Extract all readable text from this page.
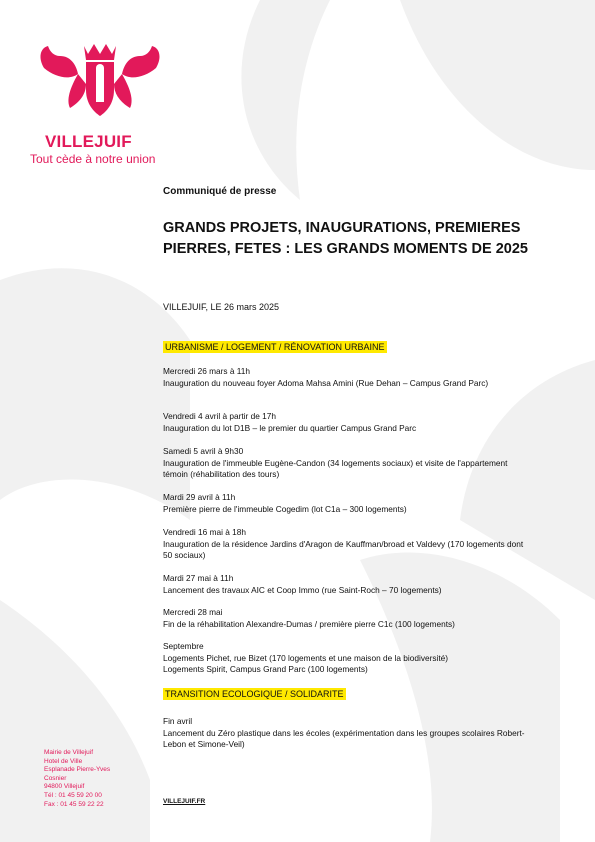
VILLEJUIF
Tout cède à notre union
Communiqué de presse
GRANDS PROJETS, INAUGURATIONS, PREMIERES PIERRES, FETES : LES GRANDS MOMENTS DE 2025
VILLEJUIF, LE 26 mars 2025
URBANISME / LOGEMENT / RÉNOVATION URBAINE
Mercredi 26 mars à 11h
Inauguration du nouveau foyer Adoma Mahsa Amini (Rue Dehan – Campus Grand Parc)
Vendredi 4 avril à partir de 17h
Inauguration du lot D1B – le premier du quartier Campus Grand Parc
Samedi 5 avril à 9h30
Inauguration de l'immeuble Eugène-Candon (34 logements sociaux) et visite de l'appartement témoin (réhabilitation des tours)
Mardi 29 avril à 11h
Première pierre de l'immeuble Cogedim (lot C1a – 300 logements)
Vendredi 16 mai à 18h
Inauguration de la résidence Jardins d'Aragon de Kauffman/broad et Valdevy (170 logements dont 50 sociaux)
Mardi 27 mai à 11h
Lancement des travaux AIC et Coop Immo (rue Saint-Roch – 70 logements)
Mercredi 28 mai
Fin de la réhabilitation Alexandre-Dumas / première pierre C1c (100 logements)
Septembre
Logements Pichet, rue Bizet (170 logements et une maison de la biodiversité)
Logements Spirit, Campus Grand Parc (100 logements)
TRANSITION ECOLOGIQUE / SOLIDARITE
Fin avril
Lancement du Zéro plastique dans les écoles (expérimentation dans les groupes scolaires Robert-Lebon et Simone-Veil)
Mairie de Villejuif
Hotel de Ville
Esplanade Pierre-Yves
Cosnier
94800 Villejuif
Tél : 01 45 59 20 00
Fax : 01 45 59 22 22	VILLEJUIF.FR
